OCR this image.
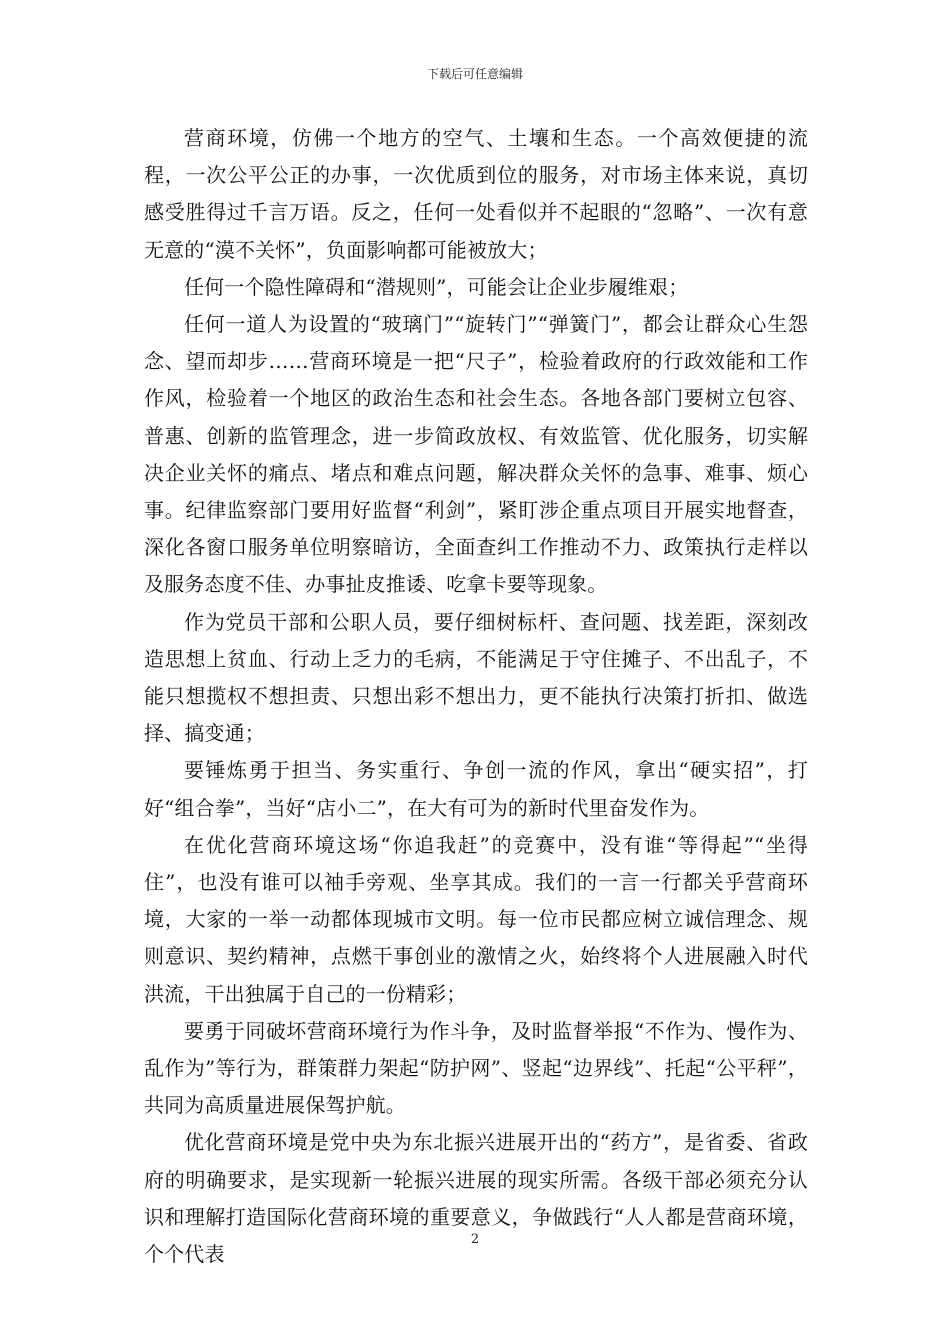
下载后可任意编辑

营商环境，仿佛一个地方的空气、土壤和生态。一个高效便捷的流程，一次公平公正的办事，一次优质到位的服务，对市场主体来说，真切感受胜得过千言万语。反之，任何一处看似并不起眼的“忽略”、一次有意无意的“漠不关怀”，负面影响都可能被放大；

任何一个隐性障碍和“潜规则”，可能会让企业步履维艰；

任何一道人为设置的“玻璃门”“旋转门”“弹簧门”，都会让群众心生怨念、望而却步……营商环境是一把“尺子”，检验着政府的行政效能和工作作风，检验着一个地区的政治生态和社会生态。各地各部门要树立包容、普惠、创新的监管理念，进一步简政放权、有效监管、优化服务，切实解决企业关怀的痛点、堵点和难点问题，解决群众关怀的急事、难事、烦心事。纪律监察部门要用好监督“利剑”，紧盯涉企重点项目开展实地督查，深化各窗口服务单位明察暗访，全面查纠工作推动不力、政策执行走样以及服务态度不佳、办事扯皮推诿、吃拿卡要等现象。

作为党员干部和公职人员，要仔细树标杆、查问题、找差距，深刻改造思想上贫血、行动上乏力的毛病，不能满足于守住摊子、不出乱子，不能只想揽权不想担责、只想出彩不想出力，更不能执行决策打折扣、做选择、搞变通；

要锤炼勇于担当、务实重行、争创一流的作风，拿出“硬实招”，打好“组合拳”，当好“店小二”，在大有可为的新时代里奋发作为。

在优化营商环境这场“你追我赶”的竞赛中，没有谁“等得起”“坐得住”，也没有谁可以袖手旁观、坐享其成。我们的一言一行都关乎营商环境，大家的一举一动都体现城市文明。每一位市民都应树立诚信理念、规则意识、契约精神，点燃干事创业的激情之火，始终将个人进展融入时代洪流，干出独属于自己的一份精彩；

要勇于同破坏营商环境行为作斗争，及时监督举报“不作为、慢作为、乱作为”等行为，群策群力架起“防护网”、竖起“边界线”、托起“公平秤”，共同为高质量进展保驾护航。

优化营商环境是党中央为东北振兴进展开出的“药方”，是省委、省政府的明确要求，是实现新一轮振兴进展的现实所需。各级干部必须充分认识和理解打造国际化营商环境的重要意义，争做践行“人人都是营商环境，个个代表

2
